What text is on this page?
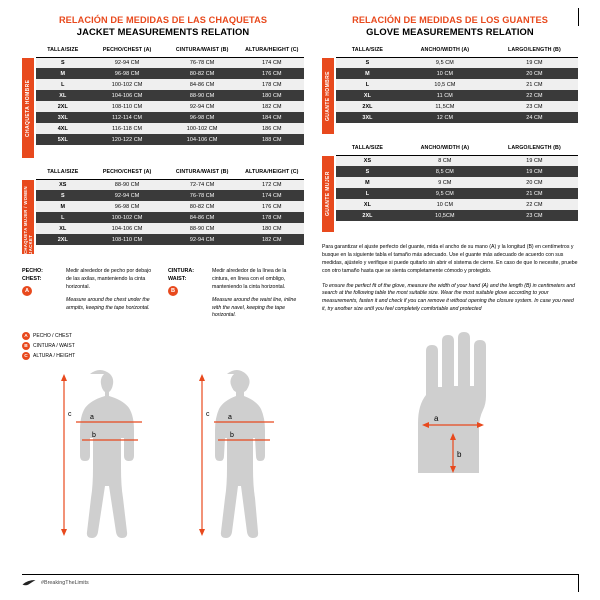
RELACIÓN DE MEDIDAS DE LAS CHAQUETAS
JACKET MEASUREMENTS RELATION
CHAQUETA HOMBRE
TALLA/SIZE	PECHO/CHEST (A)	CINTURA/WAIST (B)	ALTURA/HEIGHT (C)
S	92-94 CM	76-78 CM	174 CM
M	96-98 CM	80-82 CM	176 CM
L	100-102 CM	84-86 CM	178 CM
XL	104-106 CM	88-90 CM	180 CM
2XL	108-110 CM	92-94 CM	182 CM
3XL	112-114 CM	96-98 CM	184 CM
4XL	116-118 CM	100-102 CM	186 CM
5XL	120-122 CM	104-106 CM	188 CM
CHAQUETA MUJER / WOMEN JACKET
TALLA/SIZE	PECHO/CHEST (A)	CINTURA/WAIST (B)	ALTURA/HEIGHT (C)
XS	88-90 CM	72-74 CM	172 CM
S	92-94 CM	76-78 CM	174 CM
M	96-98 CM	80-82 CM	176 CM
L	100-102 CM	84-86 CM	178 CM
XL	104-106 CM	88-90 CM	180 CM
2XL	108-110 CM	92-94 CM	182 CM
PECHO:
CHEST:
A
Medir alrededor de pecho por debajo de las axilas, manteniendo la cinta horizontal.
Measure around the chest under the armpits, keeping the tape horizontal.
CINTURA:
WAIST:
B
Medir alrededor de la línea de la cintura, en línea con el ombligo, manteniendo la cinta horizontal.
Measure around the waist line, inline with the navel, keeping the tape horizontal.
A	PECHO / CHEST
B	CINTURA / WAIST
C	ALTURA / HEIGHT
a
b
c	a
b
c
RELACIÓN DE MEDIDAS DE LOS GUANTES
GLOVE MEASUREMENTS RELATION
GUANTE HOMBRE
TALLA/SIZE	ANCHO/WIDTH (A)	LARGO/LENGTH (B)
S	9,5 CM	19 CM
M	10 CM	20 CM
L	10,5 CM	21 CM
XL	11 CM	22 CM
2XL	11,5CM	23 CM
3XL	12 CM	24 CM
GUANTE MUJER
TALLA/SIZE	ANCHO/WIDTH (A)	LARGO/LENGTH (B)
XS	8 CM	19 CM
S	8,5 CM	19 CM
M	9 CM	20 CM
L	9,5 CM	21 CM
XL	10 CM	22 CM
2XL	10,5CM	23 CM

Para garantizar el ajuste perfecto del guante, mida el ancho de su mano (A) y la longitud (B) en centímetros y busque en la siguiente tabla el tamaño más adecuado. Use el guante más adecuado de acuerdo con sus medidas, ajústelo y verifique si puede quitarlo sin abrir el sistema de cierre. En caso de que lo necesite, pruebe con otro tamaño hasta que se sienta completamente cómodo y protegido.

To ensure the perfect fit of the glove, measure the width of your hand (A) and the length (B) in centimeters and search at the following table the most suitable size. Wear the most suitable glove according to your measurements, fasten it and check if you can remove it without opening the closure system. In case you need it, try another size until you feel completely comfortable and protected

a
b
#BreakingTheLimits
